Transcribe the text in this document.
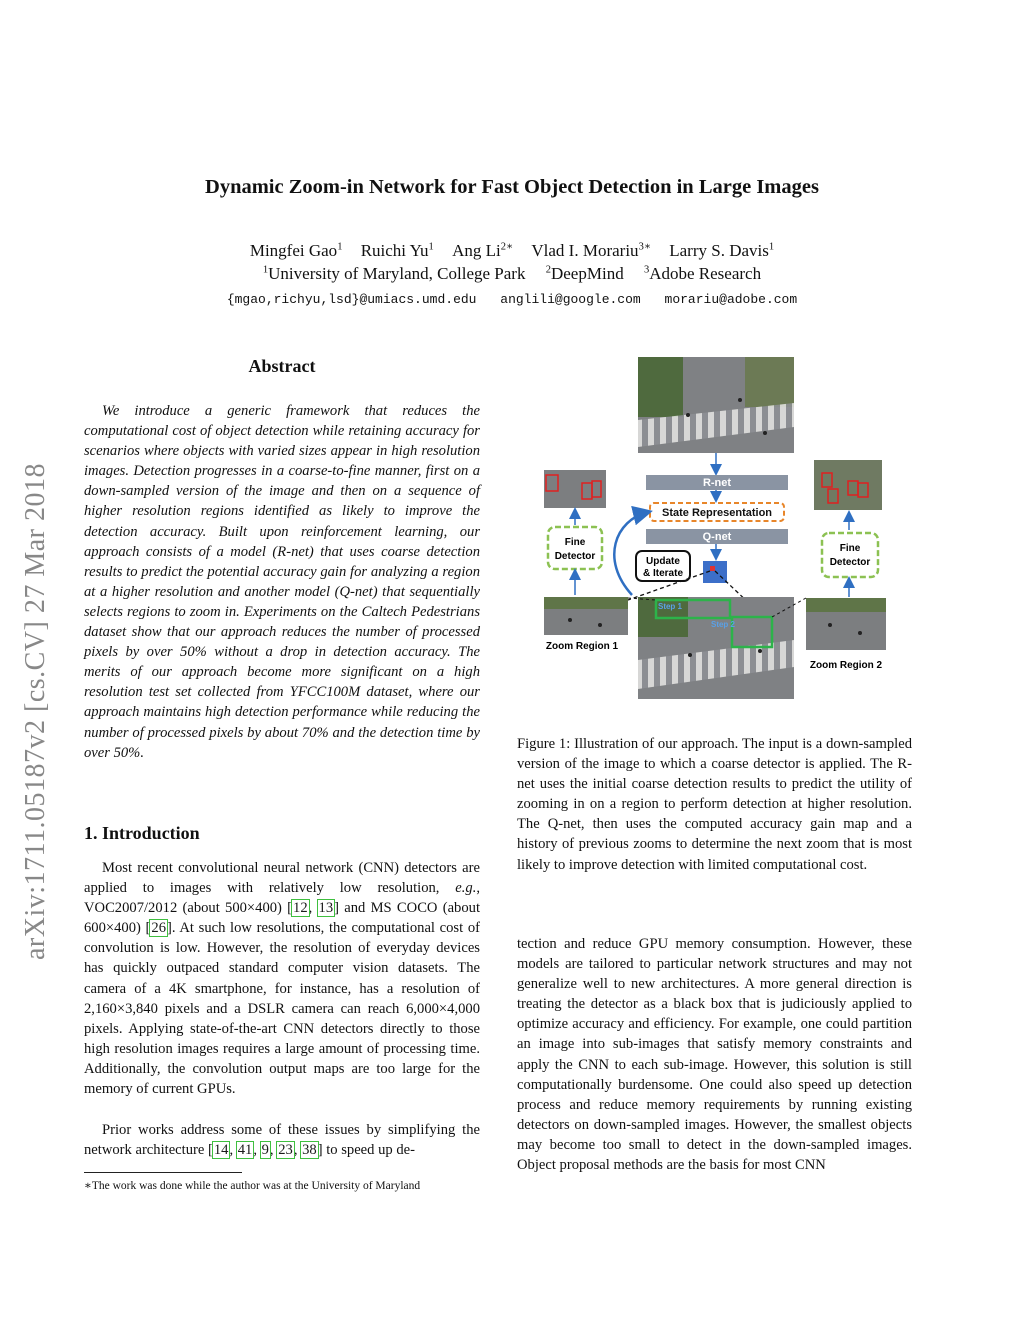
arXiv:1711.05187v2 [cs.CV] 27 Mar 2018
Dynamic Zoom-in Network for Fast Object Detection in Large Images
Mingfei Gao$^1$ Ruichi Yu$^1$ Ang $Li^{2∗}$ Vlad I. Morariu$^{3∗}$ Larry S. Davis$^1$
$^1$University of Maryland, College Park $^2$DeepMind $^3$Adobe Research
{mgao,richyu,lsd}@umiacs.umd.edu anglili@google.com morariu@adobe.com
Abstract
We introduce a generic framework that reduces the computational cost of object detection while retaining accuracy for scenarios where objects with varied sizes appear in high resolution images. Detection progresses in a coarse-to-fine manner, first on a down-sampled version of the image and then on a sequence of higher resolution regions identified as likely to improve the detection accuracy. Built upon reinforcement learning, our approach consists of a model (R-net) that uses coarse detection results to predict the potential accuracy gain for analyzing a region at a higher resolution and another model (Q-net) that sequentially selects regions to zoom in. Experiments on the Caltech Pedestrians dataset show that our approach reduces the number of processed pixels by over 50% without a drop in detection accuracy. The merits of our approach become more significant on a high resolution test set collected from YFCC100M dataset, where our approach maintains high detection performance while reducing the number of processed pixels by about 70% and the detection time by over 50%.
1. Introduction
Most recent convolutional neural network (CNN) detectors are applied to images with relatively low resolution, e.g., VOC2007/2012 (about 500×400) [12, 13] and MS COCO (about 600×400) [26]. At such low resolutions, the computational cost of convolution is low. However, the resolution of everyday devices has quickly outpaced standard computer vision datasets. The camera of a 4K smartphone, for instance, has a resolution of 2,160×3,840 pixels and a DSLR camera can reach 6,000×4,000 pixels. Applying state-of-the-art CNN detectors directly to those high resolution images requires a large amount of processing time. Additionally, the convolution output maps are too large for the memory of current GPUs.
Prior works address some of these issues by simplifying the network architecture [14, 41, 9, 23, 38] to speed up de-
∗The work was done while the author was at the University of Maryland
R-net
State Representation
Q-net
Update
& Iterate
Fine
Detector
Zoom Region 1
Step 1
Step 2
Fine
Detector
Zoom Region 2
Figure 1: Illustration of our approach. The input is a down-sampled version of the image to which a coarse detector is applied. The R-net uses the initial coarse detection results to predict the utility of zooming in on a region to perform detection at higher resolution. The Q-net, then uses the computed accuracy gain map and a history of previous zooms to determine the next zoom that is most likely to improve detection with limited computational cost.
tection and reduce GPU memory consumption. However, these models are tailored to particular network structures and may not generalize well to new architectures. A more general direction is treating the detector as a black box that is judiciously applied to optimize accuracy and efficiency. For example, one could partition an image into sub-images that satisfy memory constraints and apply the CNN to each sub-image. However, this solution is still computationally burdensome. One could also speed up detection process and reduce memory requirements by running existing detectors on down-sampled images. However, the smallest objects may become too small to detect in the down-sampled images. Object proposal methods are the basis for most CNN
